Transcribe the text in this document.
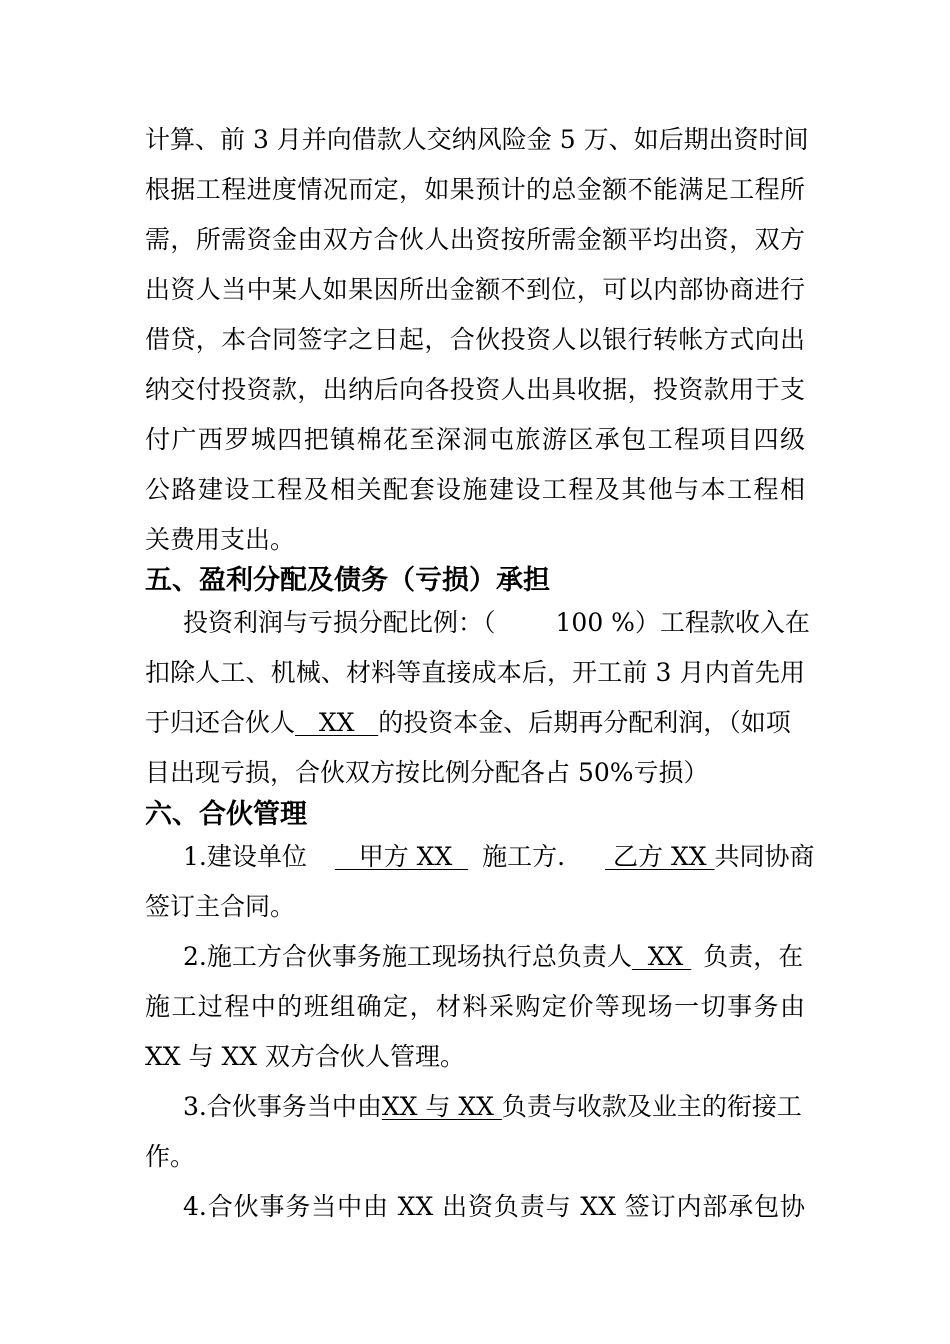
计算、前 3 月并向借款人交纳风险金 5 万、如后期出资时间
根据工程进度情况而定，如果预计的总金额不能满足工程所
需，所需资金由双方合伙人出资按所需金额平均出资，双方
出资人当中某人如果因所出金额不到位，可以内部协商进行
借贷，本合同签字之日起，合伙投资人以银行转帐方式向出
纳交付投资款，出纳后向各投资人出具收据，投资款用于支
付广西罗城四把镇棉花至深洞屯旅游区承包工程项目四级
公路建设工程及相关配套设施建设工程及其他与本工程相
关费用支出。
五、盈利分配及债务（亏损）承担
投资利润与亏损分配比例：（ 100 %）工程款收入在
扣除人工、机械、材料等直接成本后，开工前 3 月内首先用
于归还合伙人   XX   的投资本金、后期再分配利润，（如项
目出现亏损，合伙双方按比例分配各占 50%亏损）
六、合伙管理
1.建设单位   甲方 XX  施工方. 乙方 XX 共同协商
签订主合同。
2.施工方合伙事务施工现场执行总负责人  XX 负责，在
施工过程中的班组确定，材料采购定价等现场一切事务由
XX 与 XX 双方合伙人管理。
3.合伙事务当中由XX 与 XX 负责与收款及业主的衔接工
作。
4.合伙事务当中由 XX 出资负责与 XX 签订内部承包协
